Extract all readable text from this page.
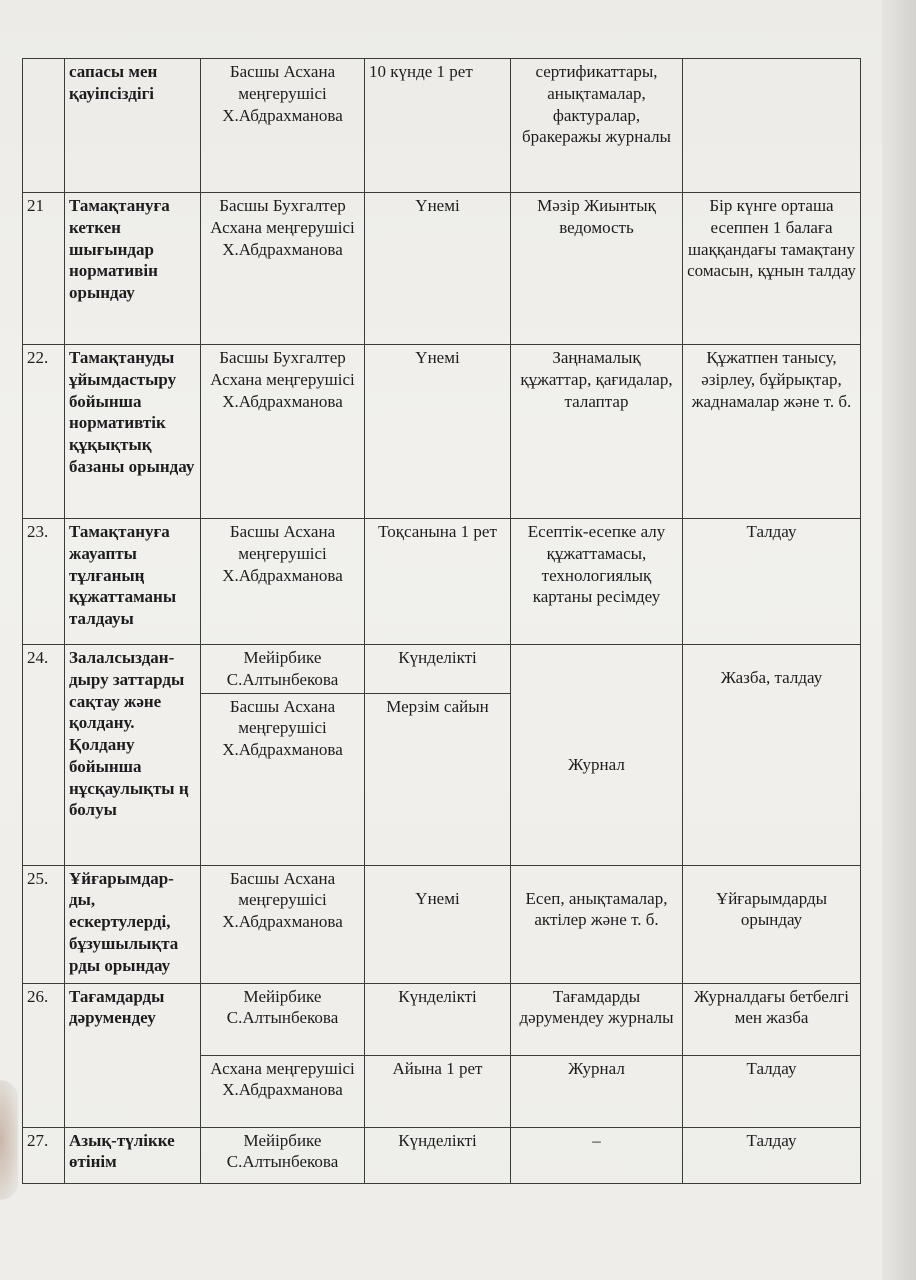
	сапасы мен қауіпсіздігі	Басшы Асхана меңгерушісі Х.Абдрахманова	10 күнде 1 рет	сертификаттары, анықтамалар, фактуралар, бракеражы журналы	
21	Тамақтануға кеткен шығындар нормативін орындау	Басшы Бухгалтер Асхана меңгерушісі Х.Абдрахманова	Үнемі	Мәзір Жиынтық ведомость	Бір күнге орташа есеппен 1 балаға шаққандағы тамақтану сомасын, құнын талдау
22.	Тамақтануды ұйымдастыру бойынша нормативтік құқықтық базаны орындау	Басшы Бухгалтер Асхана меңгерушісі Х.Абдрахманова	Үнемі	Заңнамалық құжаттар, қағидалар, талаптар	Құжатпен танысу, әзірлеу, бұйрықтар, жаднамалар және т. б.
23.	Тамақтануға жауапты тұлғаның құжаттаманы талдауы	Басшы Асхана меңгерушісі Х.Абдрахманова	Тоқсанына 1 рет	Есептік-есепке алу құжаттамасы, технологиялық картаны ресімдеу	Талдау
24.	Залалсыздан-дыру заттарды сақтау және қолдану. Қолдану бойынша нұсқаулықты ң болуы	Мейірбике С.Алтынбекова	Күнделікті	Журнал	Жазба, талдау
		Басшы Асхана меңгерушісі Х.Абдрахманова	Мерзім сайын		
25.	Ұйғарымдар-ды, ескертулерді, бұзушылықта рды орындау	Басшы Асхана меңгерушісі Х.Абдрахманова	Үнемі	Есеп, анықтамалар, актілер және т. б.	Ұйғарымдарды орындау
26.	Тағамдарды дәрумендеу	Мейірбике С.Алтынбекова	Күнделікті	Тағамдарды дәрумендеу журналы	Журналдағы бетбелгі мен жазба
		Асхана меңгерушісі Х.Абдрахманова	Айына 1 рет	Журнал	Талдау
27.	Азық-түлікке өтінім	Мейірбике С.Алтынбекова	Күнделікті	–	Талдау
